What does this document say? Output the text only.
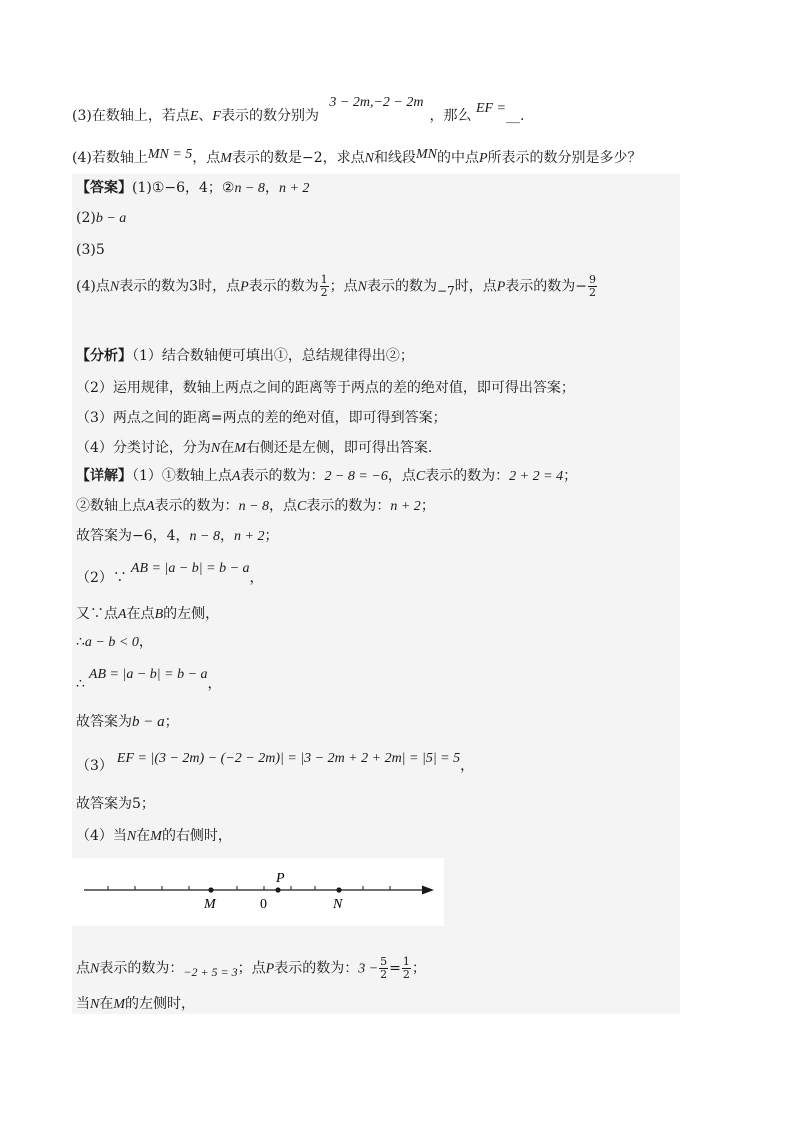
(3)在数轴上，若点E、F表示的数分别为 3 − 2m,−2 − 2m，那么 EF =__.
(4)若数轴上MN = 5，点M表示的数是−2，求点N和线段MN的中点P所表示的数分别是多少？
【答案】(1)①−6，4；②n − 8，n + 2
(2)b − a
(3)5
(4)点N表示的数为3时，点P表示的数为 $\frac{1}{2}$ ；点N表示的数为−7时，点P表示的数为− $\frac{9}{2}$
【分析】（1）结合数轴便可填出①，总结规律得出②；
（2）运用规律，数轴上两点之间的距离等于两点的差的绝对值，即可得出答案；
（3）两点之间的距离=两点的差的绝对值，即可得到答案；
（4）分类讨论，分为N在M右侧还是左侧，即可得出答案.
【详解】（1）①数轴上点A表示的数为：2 − 8 = −6，点C表示的数为：2 + 2 = 4；
②数轴上点A表示的数为：n − 8，点C表示的数为：n + 2；
故答案为−6，4，n − 8，n + 2；
（2）∵AB = |a − b| = b − a，
又∵点A在点B的左侧，
∴a − b < 0，
∴AB = |a − b| = b − a，
故答案为b − a；
（3） EF = |(3 − 2m) − (−2 − 2m)| = |3 − 2m + 2 + 2m| = |5| = 5，
故答案为5；
（4）当N在M的右侧时，
P
M	0	N
点N表示的数为：−2 + 5 = 3；点P表示的数为：$3 - \frac{5}{2} = \frac{1}{2}$ ；
当N在M的左侧时，
